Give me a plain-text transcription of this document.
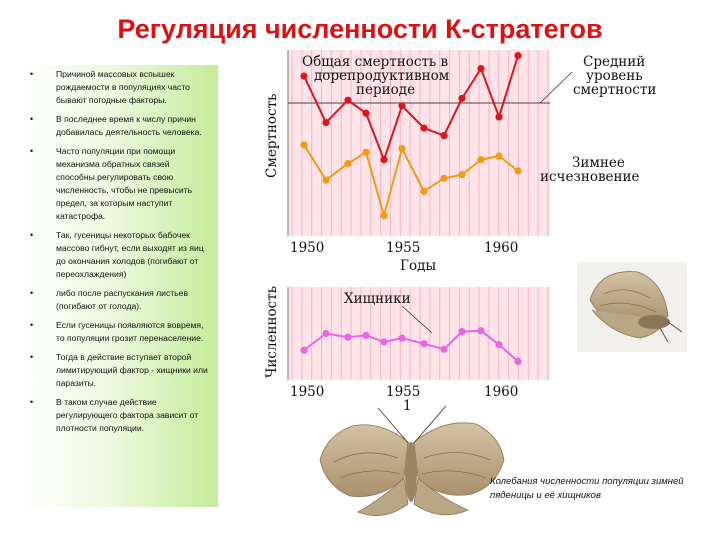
Регуляция численности К-стратегов
• Причиной массовых вспышек рождаемости в популяциях часто бывают погодные факторы.
• В последнее время к числу причин добавилась деятельность человека.
• Часто популяции при помощи механизма обратных связей способны регулировать свою численность, чтобы не превысить предел, за которым наступит катастрофа.
• Так, гусеницы некоторых бабочек массово гибнут, если выходят из яиц до окончания холодов (погибают от переохлаждения)
• либо после распускания листьев (погибают от голода).
• Если гусеницы появляются вовремя, то популяции грозит перенаселение.
• Тогда в действие вступает второй лимитирующий фактор - хищники или паразиты.
• В таком случае действие регулирующего фактора зависит от плотности популяции.
Общая смертность в
дорепродуктивном
периоде
Средний
уровень
смертности
Зимнее
исчезновение
Смертность
1950	1955	1960
Годы
Хищники
Численность
1950	1955	1960
1
Колебания численности популяции зимней пяденицы и её хищников
